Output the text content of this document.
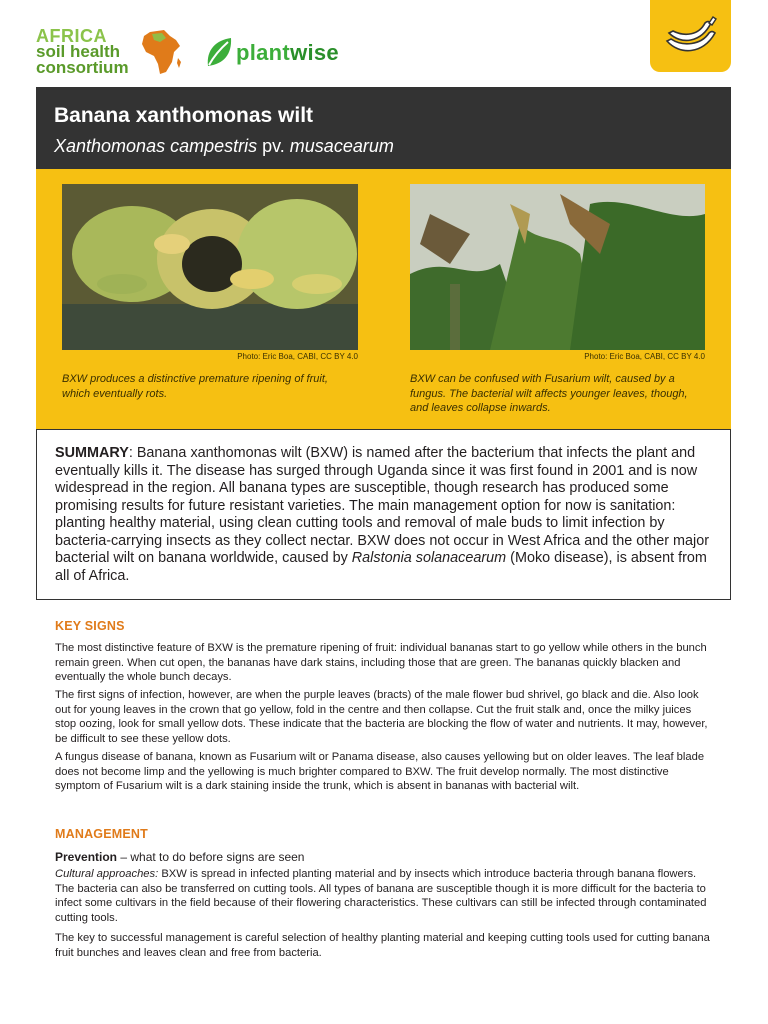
AFRICA
soil health
consortium
plantwise
Banana xanthomonas wilt
Xanthomonas campestris pv. musacearum
Photo: Eric Boa, CABI, CC BY 4.0	Photo: Eric Boa, CABI, CC BY 4.0
BXW produces a distinctive premature ripening of fruit, which eventually rots.
BXW can be confused with Fusarium wilt, caused by a fungus. The bacterial wilt affects younger leaves, though, and leaves collapse inwards.
SUMMARY: Banana xanthomonas wilt (BXW) is named after the bacterium that infects the plant and eventually kills it. The disease has surged through Uganda since it was first found in 2001 and is now widespread in the region. All banana types are susceptible, though research has produced some promising results for future resistant varieties. The main management option for now is sanitation: planting healthy material, using clean cutting tools and removal of male buds to limit infection by bacteria-carrying insects as they collect nectar. BXW does not occur in West Africa and the other major bacterial wilt on banana worldwide, caused by Ralstonia solanacearum (Moko disease), is absent from all of Africa.
KEY SIGNS

The most distinctive feature of BXW is the premature ripening of fruit: individual bananas start to go yellow while others in the bunch remain green. When cut open, the bananas have dark stains, including those that are green. The bananas quickly blacken and eventually the whole bunch decays.

The first signs of infection, however, are when the purple leaves (bracts) of the male flower bud shrivel, go black and die. Also look out for young leaves in the crown that go yellow, fold in the centre and then collapse. Cut the fruit stalk and, once the milky juices stop oozing, look for small yellow dots. These indicate that the bacteria are blocking the flow of water and nutrients. It may, however, be difficult to see these yellow dots.

A fungus disease of banana, known as Fusarium wilt or Panama disease, also causes yellowing but on older leaves. The leaf blade does not become limp and the yellowing is much brighter compared to BXW. The fruit develop normally. The most distinctive symptom of Fusarium wilt is a dark staining inside the trunk, which is absent in bananas with bacterial wilt.

MANAGEMENT

Prevention – what to do before signs are seen

Cultural approaches: BXW is spread in infected planting material and by insects which introduce bacteria through banana flowers. The bacteria can also be transferred on cutting tools. All types of banana are susceptible though it is more difficult for the bacteria to infect some cultivars in the field because of their flowering characteristics. These cultivars can still be infected through contaminated cutting tools.

The key to successful management is careful selection of healthy planting material and keeping cutting tools used for cutting banana fruit bunches and leaves clean and free from bacteria.
